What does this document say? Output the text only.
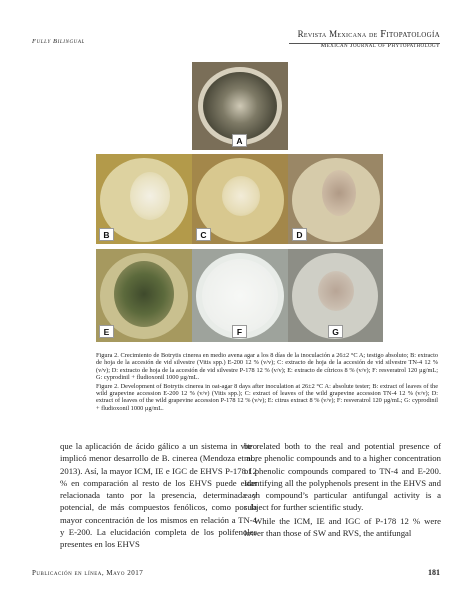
Fully Bilingual
Revista Mexicana de Fitopatología
Mexican Journal of Phytopathology
A
B	C	D
E	F	G

Figura 2. Crecimiento de Botrytis cinerea en medio avena agar a los 8 días de la inoculación a 26±2 °C A; testigo absoluto; B: extracto de hoja de la accesión de vid silvestre (Vitis spp.) E-200 12 % (v/v); C: extracto de hoja de la accesión de vid silvestre TN-4 12 % (v/v); D: extracto de hoja de la accesión de vid silvestre P-178 12 % (v/v); E: extracto de cítricos 8 % (v/v); F: resveratrol 120 µg/mL; G: cyprodinil + fludioxonil 1000 µg/mL.

Figure 2. Development of Botrytis cinerea in oat-agar 8 days after inoculation at 26±2 °C A: absolute tester; B: extract of leaves of the wild grapevine accession E-200 12 % (v/v) (Vitis spp.); C: extract of leaves of the wild grapevine accession TN-4 12 % (v/v); D: extract of leaves of the wild grapevine accession P-178 12 % (v/v); E: citrus extract 8 % (v/v); F: resveratrol 120 µg/mL; G: cyprodinil + fludioxonil 1000 µg/mL.

que la aplicación de ácido gálico a un sistema in vitro implicó menor desarrollo de B. cinerea (Mendoza et al., 2013). Así, la mayor ICM, IE e IGC de EHVS P-178 12 % en comparación al resto de los EHVS puede estar relacionada tanto por la presencia, determinada y potencial, de más compuestos fenólicos, como por la mayor concentración de los mismos en relación a TN-4 y E-200. La elucidación completa de los polifenoles presentes en los EHVS
be related both to the real and potential presence of more phenolic compounds and to a higher concentration of phenolic compounds compared to TN-4 and E-200. Identifying all the polyphenols present in the EHVS and each compound’s particular antifungal activity is a subject for further scientific study.
While the ICM, IE and IGC of P-178 12 % were lower than those of SW and RVS, the antifungal
Publicación en línea, Mayo 2017	181
